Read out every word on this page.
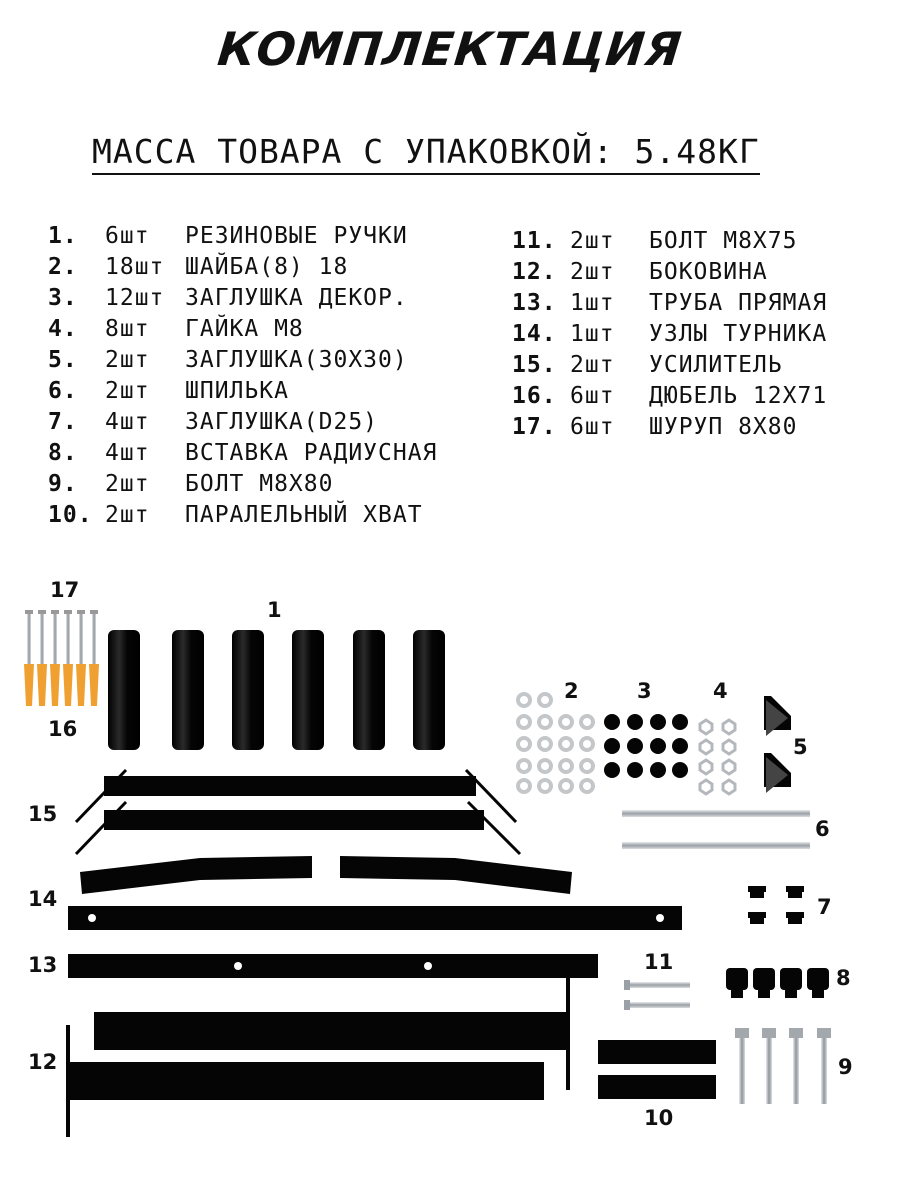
КОМПЛЕКТАЦИЯ
МАССА ТОВАРА С УПАКОВКОЙ: 5.48КГ
1. 6шт РЕЗИНОВЫЕ РУЧКИ
2. 18шт ШАЙБА(8) 18
3. 12шт ЗАГЛУШКА ДЕКОР.
4. 8шт ГАЙКА М8
5. 2шт ЗАГЛУШКА(30Х30)
6. 2шт ШПИЛЬКА
7. 4шт ЗАГЛУШКА(D25)
8. 4шт ВСТАВКА РАДИУСНАЯ
9. 2шт БОЛТ М8Х80
10. 2шт ПАРАЛЕЛЬНЫЙ ХВАТ
11. 2шт БОЛТ М8Х75
12. 2шт БОКОВИНА
13. 1шт ТРУБА ПРЯМАЯ
14. 1шт УЗЛЫ ТУРНИКА
15. 2шт УСИЛИТЕЛЬ
16. 6шт ДЮБЕЛЬ 12Х71
17. 6шт ШУРУП 8Х80
17
16
1
2	3	4
5
6
15
14	7
13	11
8
12	9
10
